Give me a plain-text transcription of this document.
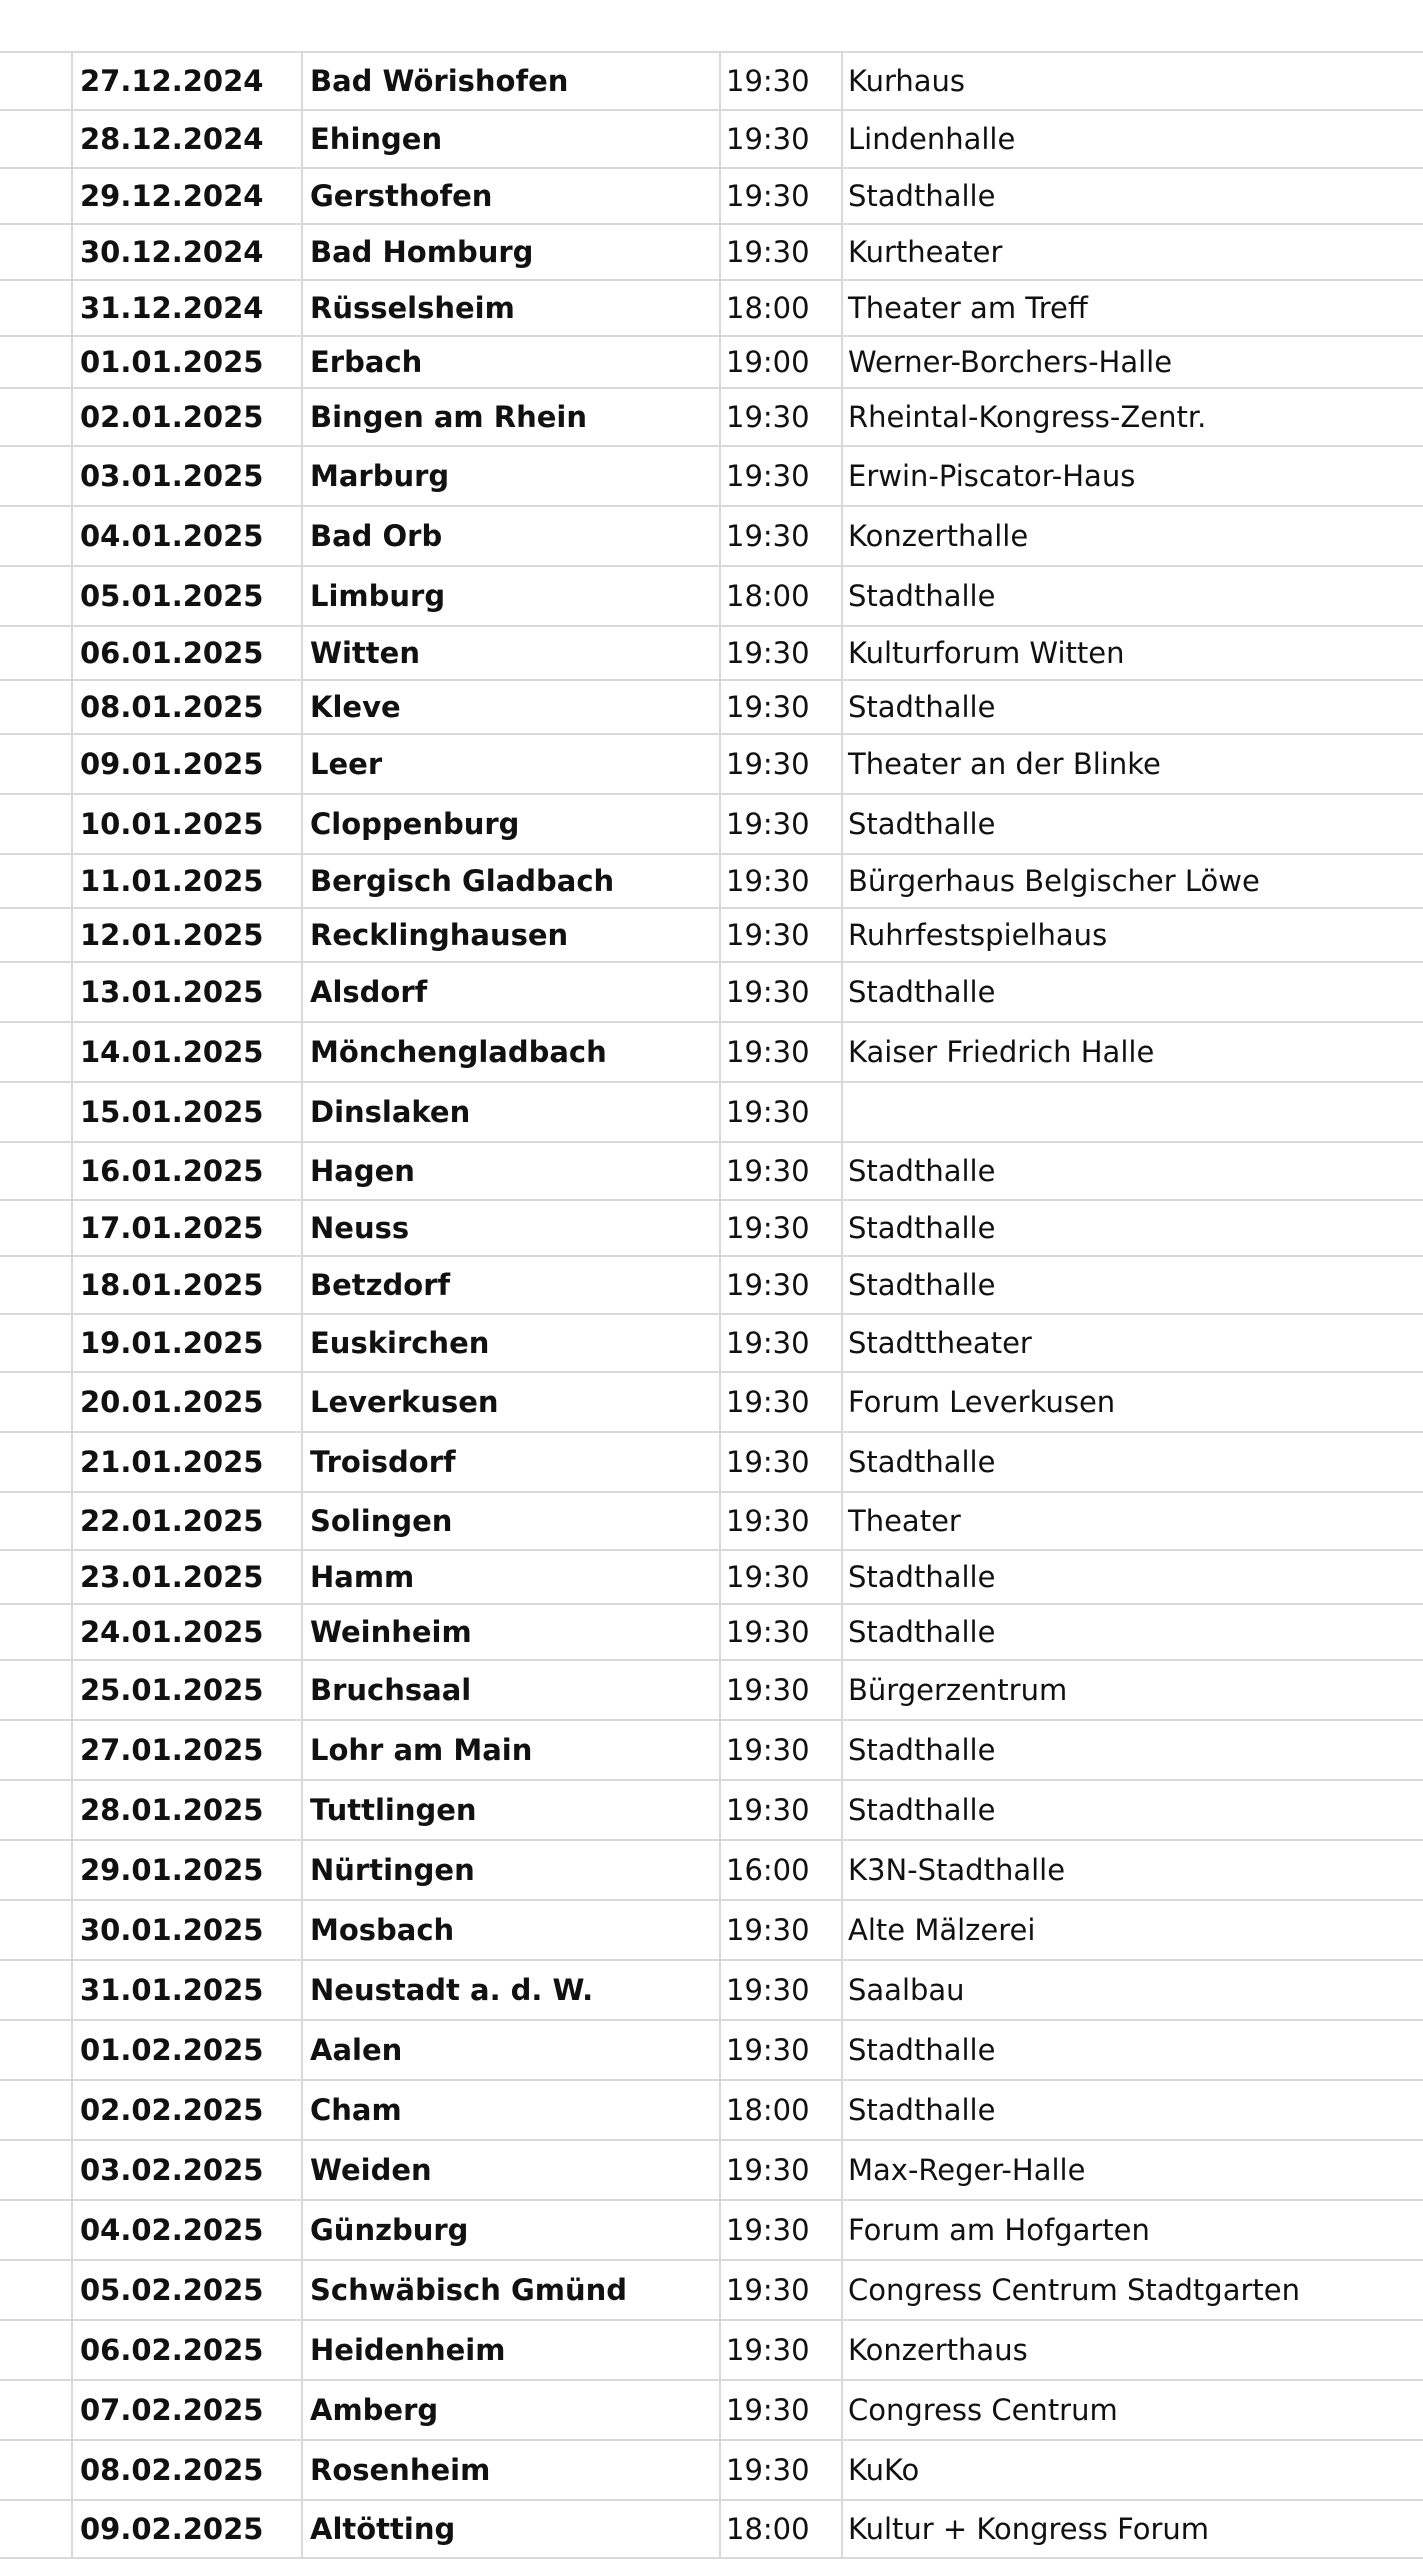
27.12.2024	Bad Wörishofen	19:30	Kurhaus
28.12.2024	Ehingen	19:30	Lindenhalle
29.12.2024	Gersthofen	19:30	Stadthalle
30.12.2024	Bad Homburg	19:30	Kurtheater
31.12.2024	Rüsselsheim	18:00	Theater am Treff
01.01.2025	Erbach	19:00	Werner-Borchers-Halle
02.01.2025	Bingen am Rhein	19:30	Rheintal-Kongress-Zentr.
03.01.2025	Marburg	19:30	Erwin-Piscator-Haus
04.01.2025	Bad Orb	19:30	Konzerthalle
05.01.2025	Limburg	18:00	Stadthalle
06.01.2025	Witten	19:30	Kulturforum Witten
08.01.2025	Kleve	19:30	Stadthalle
09.01.2025	Leer	19:30	Theater an der Blinke
10.01.2025	Cloppenburg	19:30	Stadthalle
11.01.2025	Bergisch Gladbach	19:30	Bürgerhaus Belgischer Löwe
12.01.2025	Recklinghausen	19:30	Ruhrfestspielhaus
13.01.2025	Alsdorf	19:30	Stadthalle
14.01.2025	Mönchengladbach	19:30	Kaiser Friedrich Halle
15.01.2025	Dinslaken	19:30
16.01.2025	Hagen	19:30	Stadthalle
17.01.2025	Neuss	19:30	Stadthalle
18.01.2025	Betzdorf	19:30	Stadthalle
19.01.2025	Euskirchen	19:30	Stadttheater
20.01.2025	Leverkusen	19:30	Forum Leverkusen
21.01.2025	Troisdorf	19:30	Stadthalle
22.01.2025	Solingen	19:30	Theater
23.01.2025	Hamm	19:30	Stadthalle
24.01.2025	Weinheim	19:30	Stadthalle
25.01.2025	Bruchsaal	19:30	Bürgerzentrum
27.01.2025	Lohr am Main	19:30	Stadthalle
28.01.2025	Tuttlingen	19:30	Stadthalle
29.01.2025	Nürtingen	16:00	K3N-Stadthalle
30.01.2025	Mosbach	19:30	Alte Mälzerei
31.01.2025	Neustadt a. d. W.	19:30	Saalbau
01.02.2025	Aalen	19:30	Stadthalle
02.02.2025	Cham	18:00	Stadthalle
03.02.2025	Weiden	19:30	Max-Reger-Halle
04.02.2025	Günzburg	19:30	Forum am Hofgarten
05.02.2025	Schwäbisch Gmünd	19:30	Congress Centrum Stadtgarten
06.02.2025	Heidenheim	19:30	Konzerthaus
07.02.2025	Amberg	19:30	Congress Centrum
08.02.2025	Rosenheim	19:30	KuKo
09.02.2025	Altötting	18:00	Kultur + Kongress Forum
